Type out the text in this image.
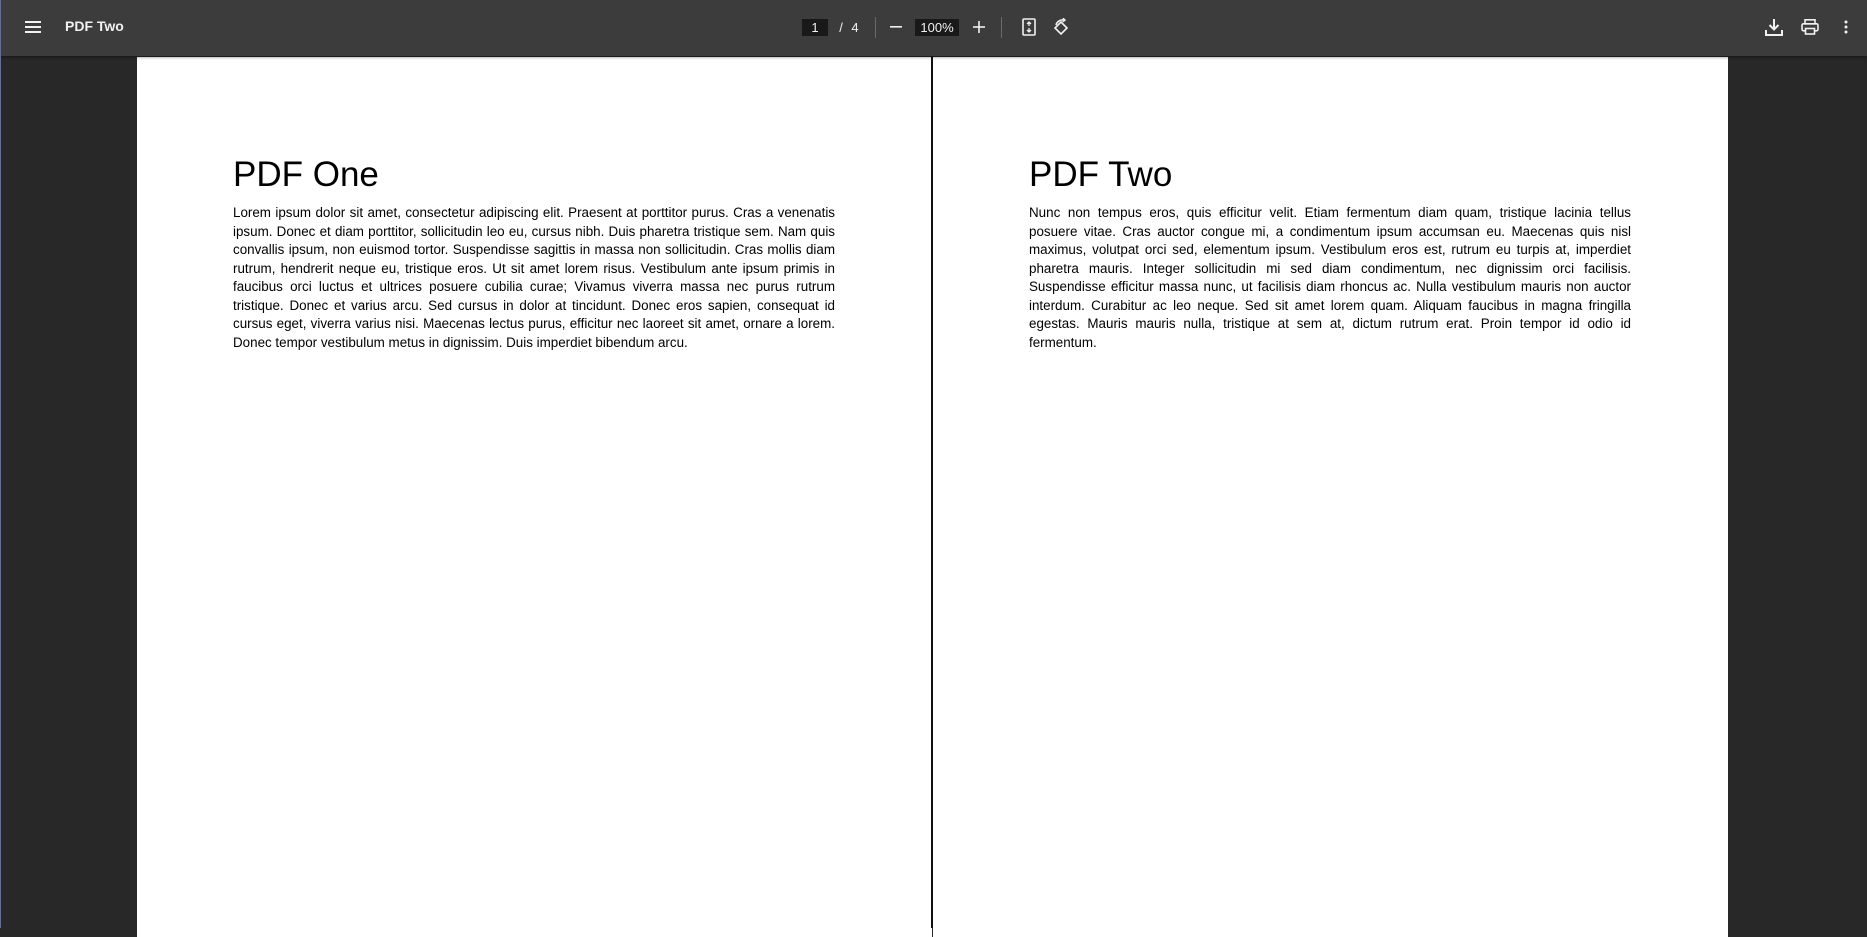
PDF Two
1	/ 4
100%
PDF One

Lorem ipsum dolor sit amet, consectetur adipiscing elit. Praesent at porttitor purus. Cras a venenatis ipsum. Donec et diam porttitor, sollicitudin leo eu, cursus nibh. Duis pharetra tristique sem. Nam quis convallis ipsum, non euismod tortor. Suspendisse sagittis in massa non sollicitudin. Cras mollis diam rutrum, hendrerit neque eu, tristique eros. Ut sit amet lorem risus. Vestibulum ante ipsum primis in faucibus orci luctus et ultrices posuere cubilia curae; Vivamus viverra massa nec purus rutrum tristique. Donec et varius arcu. Sed cursus in dolor at tincidunt. Donec eros sapien, consequat id cursus eget, viverra varius nisi. Maecenas lectus purus, efficitur nec laoreet sit amet, ornare a lorem. Donec tempor vestibulum metus in dignissim. Duis imperdiet bibendum arcu.

PDF Two

Nunc non tempus eros, quis efficitur velit. Etiam fermentum diam quam, tristique lacinia tellus posuere vitae. Cras auctor congue mi, a condimentum ipsum accumsan eu. Maecenas quis nisl maximus, volutpat orci sed, elementum ipsum. Vestibulum eros est, rutrum eu turpis at, imperdiet pharetra mauris. Integer sollicitudin mi sed diam condimentum, nec dignissim orci facilisis. Suspendisse efficitur massa nunc, ut facilisis diam rhoncus ac. Nulla vestibulum mauris non auctor interdum. Curabitur ac leo neque. Sed sit amet lorem quam. Aliquam faucibus in magna fringilla egestas. Mauris mauris nulla, tristique at sem at, dictum rutrum erat. Proin tempor id odio id fermentum.
